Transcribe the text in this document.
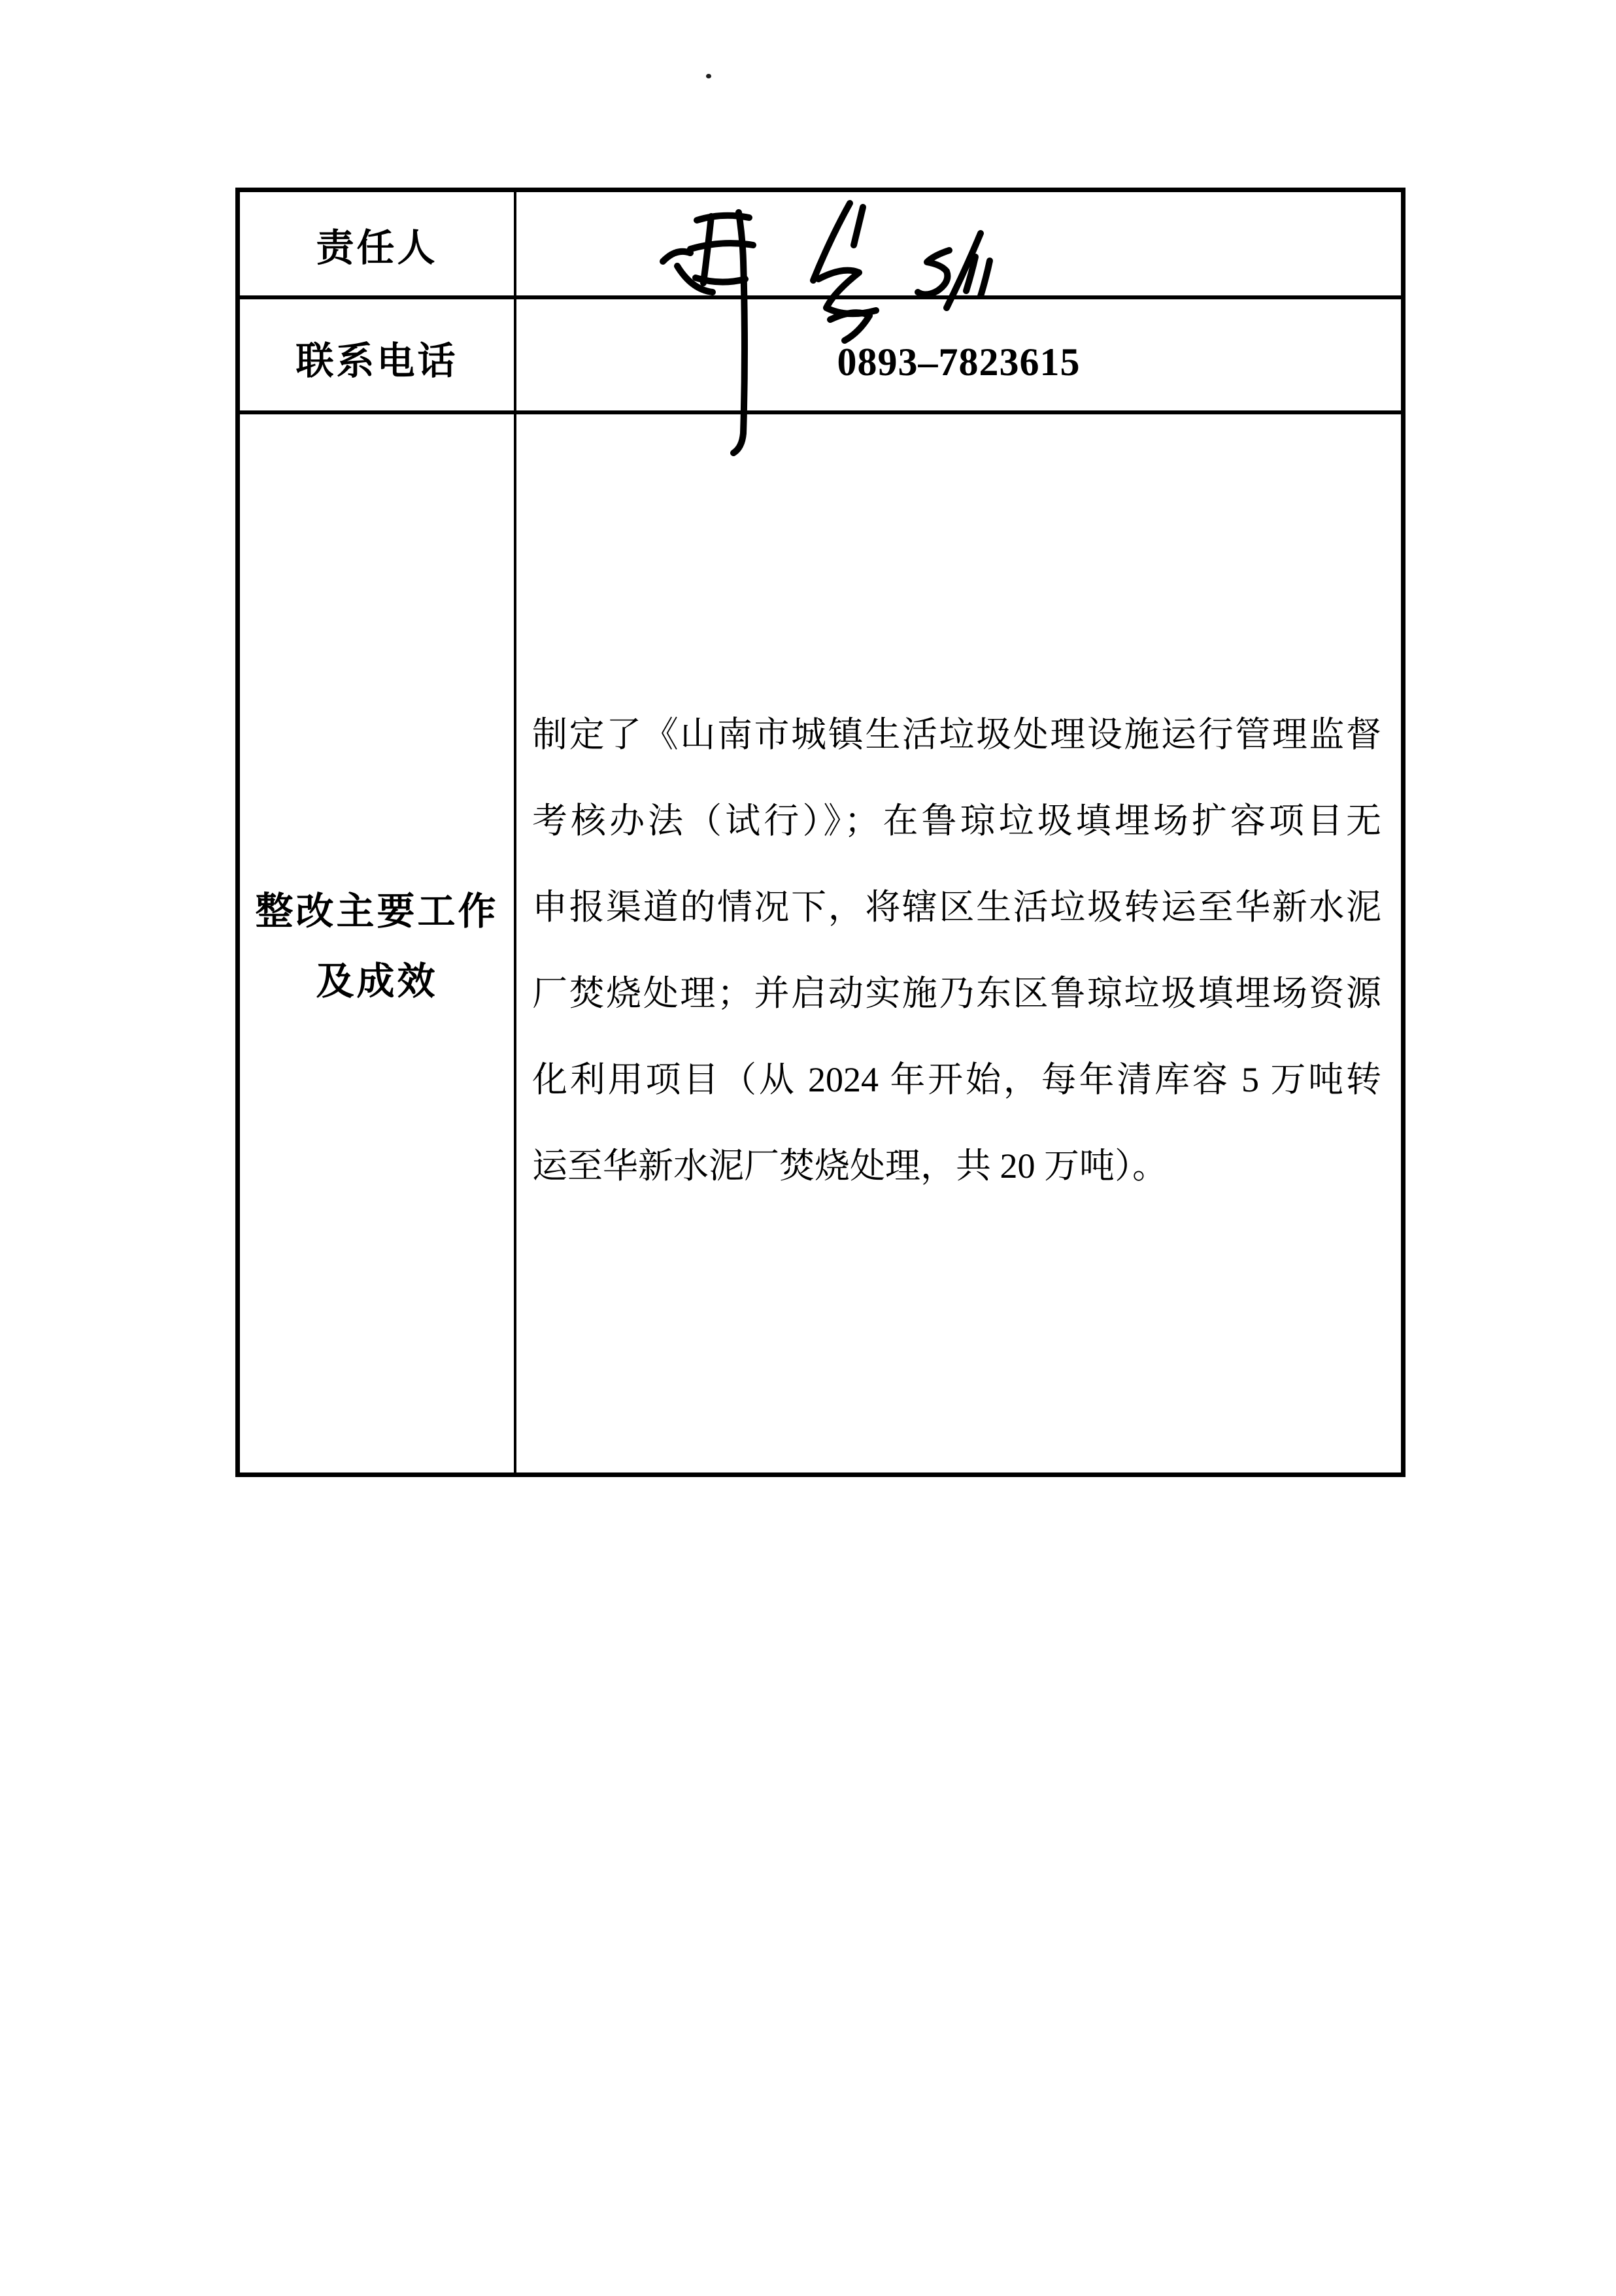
责任人
联系电话	0893–7823615
整改主要工作
及成效
制定了《山南市城镇生活垃圾处理设施运行管理监督
考核办法（试行）》；在鲁琼垃圾填埋场扩容项目无
申报渠道的情况下，将辖区生活垃圾转运至华新水泥
厂焚烧处理；并启动实施乃东区鲁琼垃圾填埋场资源
化利用项目（从 2024 年开始，每年清库容 5 万吨转
运至华新水泥厂焚烧处理，共 20 万吨）。
